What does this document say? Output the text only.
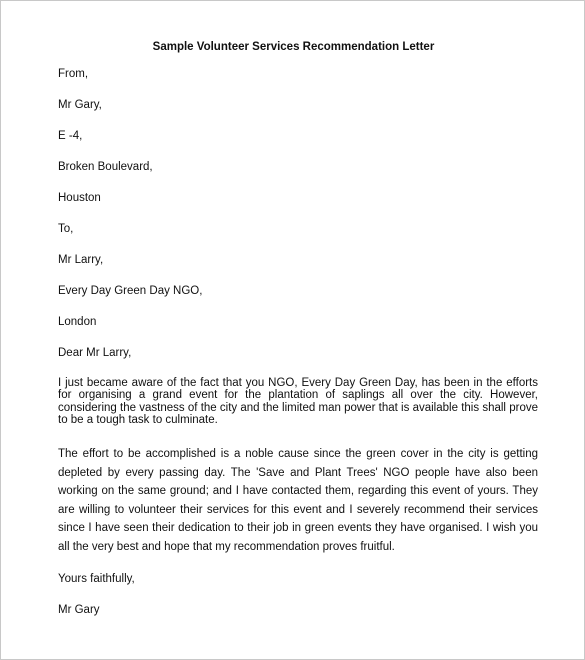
Sample Volunteer Services Recommendation Letter
From,
Mr Gary,
E -4,
Broken Boulevard,
Houston
To,
Mr Larry,
Every Day Green Day NGO,
London
Dear Mr Larry,
I just became aware of the fact that you NGO, Every Day Green Day, has been in the efforts for organising a grand event for the plantation of saplings all over the city. However, considering the vastness of the city and the limited man power that is available this shall prove to be a tough task to culminate.
The effort to be accomplished is a noble cause since the green cover in the city is getting depleted by every passing day. The 'Save and Plant Trees' NGO people have also been working on the same ground; and I have contacted them, regarding this event of yours. They are willing to volunteer their services for this event and I severely recommend their services since I have seen their dedication to their job in green events they have organised. I wish you all the very best and hope that my recommendation proves fruitful.
Yours faithfully,
Mr Gary
